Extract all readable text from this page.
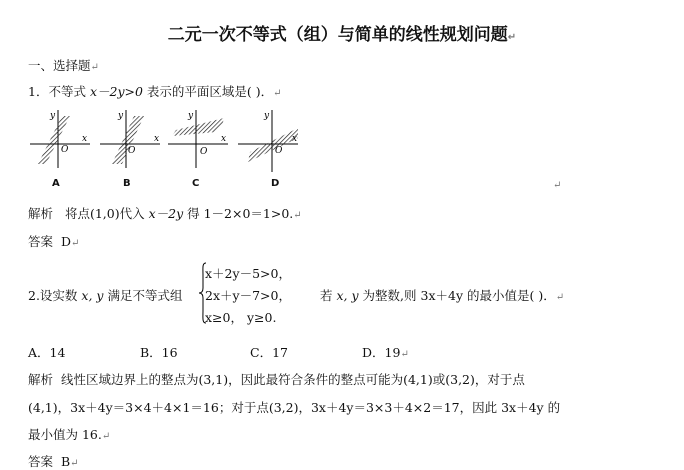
二元一次不等式（组）与简单的线性规划问题↵
一、选择题↵
1．不等式 x－2y>0 表示的平面区域是( )．↵
y
x
O
y
x
O
y
x
O
y
x
O
A	B	C	D	↵
解析 将点(1,0)代入 x－2y 得 1－2×0＝1>0.↵
答案 D↵
2.设实数 x, y 满足不等式组
x＋2y－5>0，
2x＋y－7>0，
x≥0， y≥0.
若 x, y 为整数,则 3x＋4y 的最小值是( )．↵
A．14	B．16	C．17	D．19↵
解析 线性区域边界上的整点为(3,1)，因此最符合条件的整点可能为(4,1)或(3,2)，对于点
(4,1)，3x＋4y＝3×4＋4×1＝16；对于点(3,2)，3x＋4y＝3×3＋4×2＝17，因此 3x＋4y 的
最小值为 16.↵
答案 B↵
